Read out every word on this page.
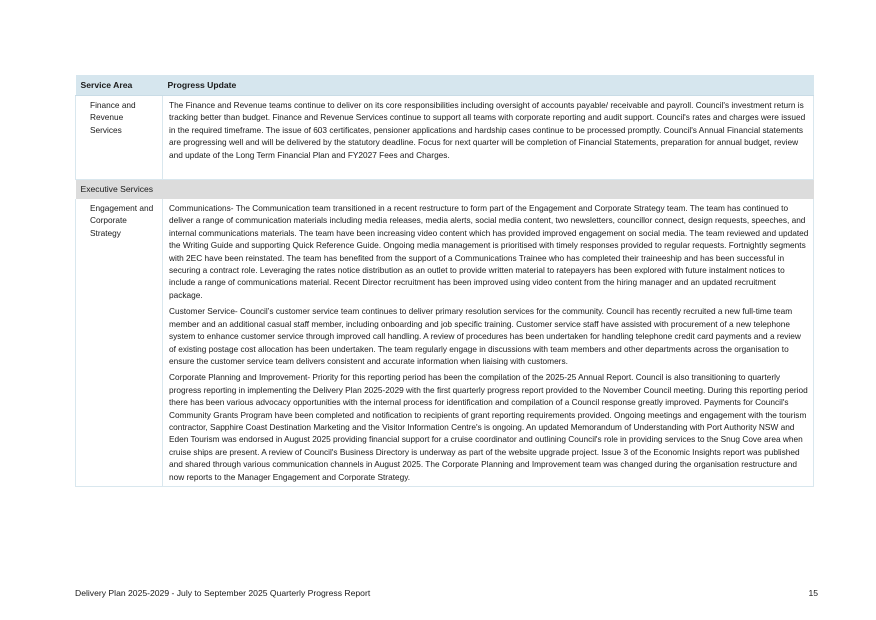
Service Area	Progress Update
Finance and Revenue Services	The Finance and Revenue teams continue to deliver on its core responsibilities including oversight of accounts payable/ receivable and payroll. Council's investment return is tracking better than budget. Finance and Revenue Services continue to support all teams with corporate reporting and audit support. Council's rates and charges were issued in the required timeframe. The issue of 603 certificates, pensioner applications and hardship cases continue to be processed promptly. Council's Annual Financial statements are progressing well and will be delivered by the statutory deadline. Focus for next quarter will be completion of Financial Statements, preparation for annual budget, review and update of the Long Term Financial Plan and FY2027 Fees and Charges.
Executive Services	
Engagement and Corporate Strategy	Communications- The Communication team transitioned in a recent restructure to form part of the Engagement and Corporate Strategy team. The team has continued to deliver a range of communication materials including media releases, media alerts, social media content, two newsletters, councillor connect, design requests, speeches, and internal communications materials. The team have been increasing video content which has provided improved engagement on social media. The team reviewed and updated the Writing Guide and supporting Quick Reference Guide. Ongoing media management is prioritised with timely responses provided to regular requests. Fortnightly segments with 2EC have been reinstated. The team has benefited from the support of a Communications Trainee who has completed their traineeship and has been successful in securing a contract role. Leveraging the rates notice distribution as an outlet to provide written material to ratepayers has been explored with future instalment notices to include a range of communications material. Recent Director recruitment has been improved using video content from the hiring manager and an updated recruitment package.

Customer Service- Council’s customer service team continues to deliver primary resolution services for the community. Council has recently recruited a new full-time team member and an additional casual staff member, including onboarding and job specific training. Customer service staff have assisted with procurement of a new telephone system to enhance customer service through improved call handling. A review of procedures has been undertaken for handling telephone credit card payments and a review of existing postage cost allocation has been undertaken. The team regularly engage in discussions with team members and other departments across the organisation to ensure the customer service team delivers consistent and accurate information when liaising with customers.

Corporate Planning and Improvement- Priority for this reporting period has been the compilation of the 2025-25 Annual Report. Council is also transitioning to quarterly progress reporting in implementing the Delivery Plan 2025-2029 with the first quarterly progress report provided to the November Council meeting. During this reporting period there has been various advocacy opportunities with the internal process for identification and compilation of a Council response greatly improved. Payments for Council's Community Grants Program have been completed and notification to recipients of grant reporting requirements provided. Ongoing meetings and engagement with the tourism contractor, Sapphire Coast Destination Marketing and the Visitor Information Centre's is ongoing. An updated Memorandum of Understanding with Port Authority NSW and Eden Tourism was endorsed in August 2025 providing financial support for a cruise coordinator and outlining Council's role in providing services to the Snug Cove area when cruise ships are present. A review of Council's Business Directory is underway as part of the website upgrade project. Issue 3 of the Economic Insights report was published and shared through various communication channels in August 2025. The Corporate Planning and Improvement team was changed during the organisation restructure and now reports to the Manager Engagement and Corporate Strategy.

Delivery Plan 2025-2029 - July to September 2025 Quarterly Progress Report	15
